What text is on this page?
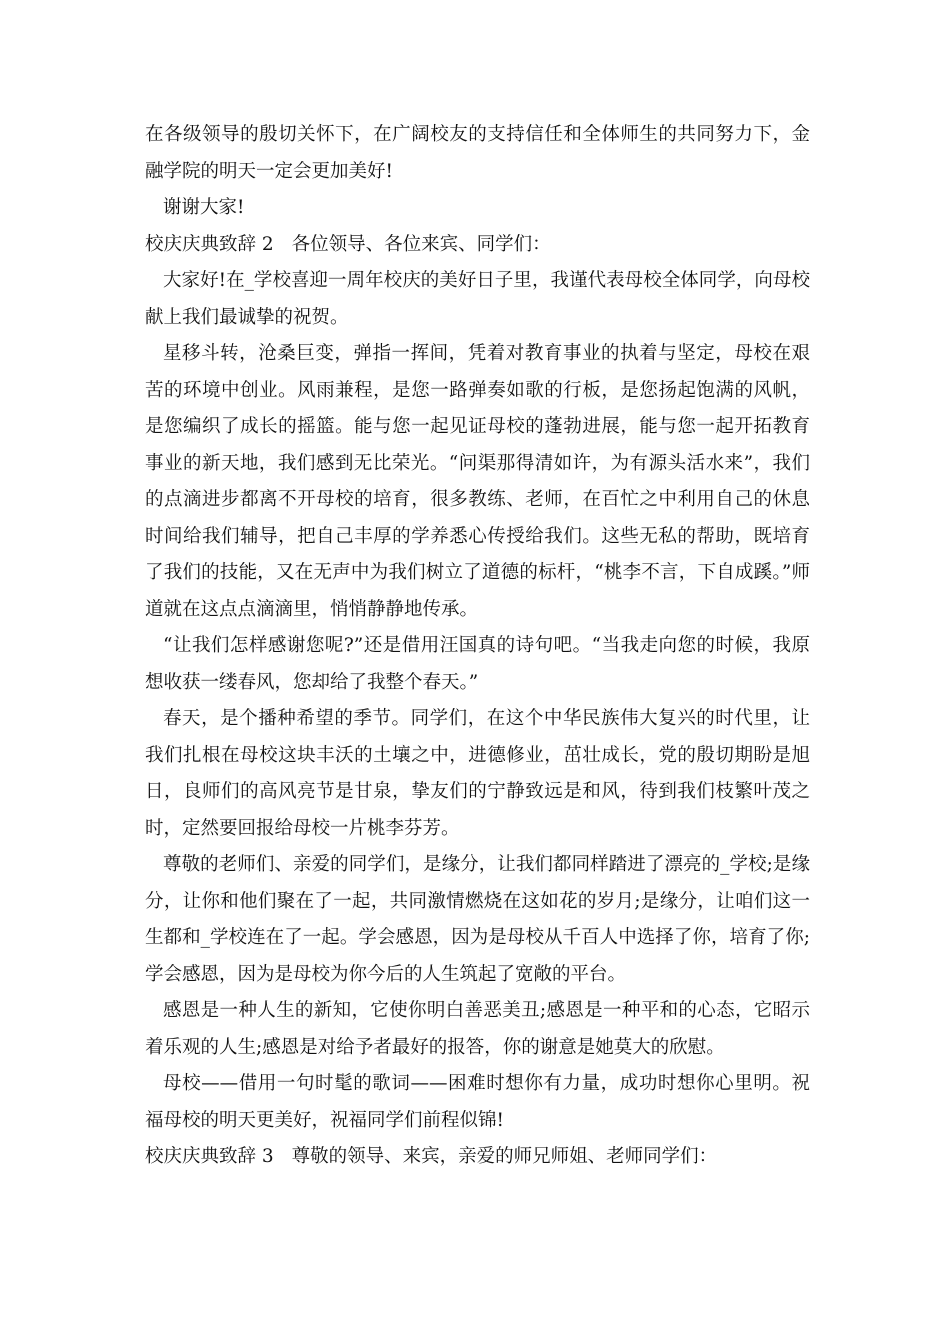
在各级领导的殷切关怀下，在广阔校友的支持信任和全体师生的共同努力下，金融学院的明天一定会更加美好!

谢谢大家!

校庆庆典致辞 2 各位领导、各位来宾、同学们：

大家好!在_学校喜迎一周年校庆的美好日子里，我谨代表母校全体同学，向母校献上我们最诚挚的祝贺。

星移斗转，沧桑巨变，弹指一挥间，凭着对教育事业的执着与坚定，母校在艰苦的环境中创业。风雨兼程，是您一路弹奏如歌的行板，是您扬起饱满的风帆，是您编织了成长的摇篮。能与您一起见证母校的蓬勃进展，能与您一起开拓教育事业的新天地，我们感到无比荣光。“问渠那得清如许，为有源头活水来”，我们的点滴进步都离不开母校的培育，很多教练、老师，在百忙之中利用自己的休息时间给我们辅导，把自己丰厚的学养悉心传授给我们。这些无私的帮助，既培育了我们的技能，又在无声中为我们树立了道德的标杆，“桃李不言，下自成蹊。”师道就在这点点滴滴里，悄悄静静地传承。

“让我们怎样感谢您呢?”还是借用汪国真的诗句吧。“当我走向您的时候，我原想收获一缕春风，您却给了我整个春天。”

春天，是个播种希望的季节。同学们，在这个中华民族伟大复兴的时代里，让我们扎根在母校这块丰沃的土壤之中，进德修业，茁壮成长，党的殷切期盼是旭日，良师们的高风亮节是甘泉，挚友们的宁静致远是和风，待到我们枝繁叶茂之时，定然要回报给母校一片桃李芬芳。

尊敬的老师们、亲爱的同学们，是缘分，让我们都同样踏进了漂亮的_学校;是缘分，让你和他们聚在了一起，共同激情燃烧在这如花的岁月;是缘分，让咱们这一生都和_学校连在了一起。学会感恩，因为是母校从千百人中选择了你，培育了你;学会感恩，因为是母校为你今后的人生筑起了宽敞的平台。

感恩是一种人生的新知，它使你明白善恶美丑;感恩是一种平和的心态，它昭示着乐观的人生;感恩是对给予者最好的报答，你的谢意是她莫大的欣慰。

母校——借用一句时髦的歌词——困难时想你有力量，成功时想你心里明。祝福母校的明天更美好，祝福同学们前程似锦!

校庆庆典致辞 3 尊敬的领导、来宾，亲爱的师兄师姐、老师同学们：
